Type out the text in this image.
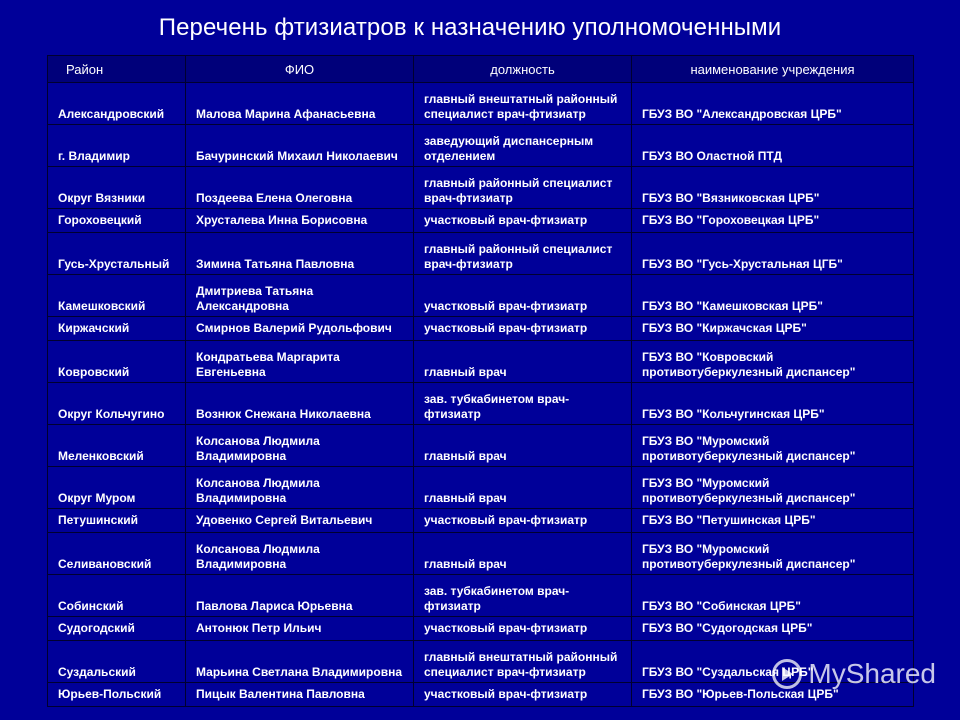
Перечень фтизиатров к назначению уполномоченными
Район	ФИО	должность	наименование учреждения
Александровский	Малова Марина Афанасьевна	главный внештатный районный специалист врач-фтизиатр	ГБУЗ ВО "Александровская ЦРБ"
г. Владимир	Бачуринский Михаил Николаевич	заведующий диспансерным отделением	ГБУЗ ВО Оластной ПТД
Округ Вязники	Поздеева Елена Олеговна	главный районный специалист врач-фтизиатр	ГБУЗ ВО "Вязниковская ЦРБ"
Гороховецкий	Хрусталева Инна Борисовна	участковый врач-фтизиатр	ГБУЗ ВО "Гороховецкая ЦРБ"
Гусь-Хрустальный	Зимина Татьяна Павловна	главный районный специалист врач-фтизиатр	ГБУЗ ВО "Гусь-Хрустальная ЦГБ"
Камешковский	Дмитриева Татьяна Александровна	участковый врач-фтизиатр	ГБУЗ ВО "Камешковская ЦРБ"
Киржачский	Смирнов Валерий Рудольфович	участковый врач-фтизиатр	ГБУЗ ВО "Киржачская ЦРБ"
Ковровский	Кондратьева Маргарита Евгеньевна	главный врач	ГБУЗ ВО "Ковровский противотуберкулезный диспансер"
Округ Кольчугино	Вознюк Снежана Николаевна	зав. тубкабинетом врач-фтизиатр	ГБУЗ ВО "Кольчугинская ЦРБ"
Меленковский	Колсанова Людмила Владимировна	главный врач	ГБУЗ ВО "Муромский противотуберкулезный диспансер"
Округ Муром	Колсанова Людмила Владимировна	главный врач	ГБУЗ ВО "Муромский противотуберкулезный диспансер"
Петушинский	Удовенко Сергей Витальевич	участковый врач-фтизиатр	ГБУЗ ВО "Петушинская ЦРБ"
Селивановский	Колсанова Людмила Владимировна	главный врач	ГБУЗ ВО "Муромский противотуберкулезный диспансер"
Собинский	Павлова Лариса Юрьевна	зав. тубкабинетом врач-фтизиатр	ГБУЗ ВО "Собинская ЦРБ"
Судогодский	Антонюк Петр Ильич	участковый врач-фтизиатр	ГБУЗ ВО "Судогодская ЦРБ"
Суздальский	Марьина Светлана Владимировна	главный внештатный районный специалист врач-фтизиатр	ГБУЗ ВО "Суздальская ЦРБ"
Юрьев-Польский	Пицык Валентина Павловна	участковый врач-фтизиатр	ГБУЗ ВО "Юрьев-Польская ЦРБ"
MyShared
